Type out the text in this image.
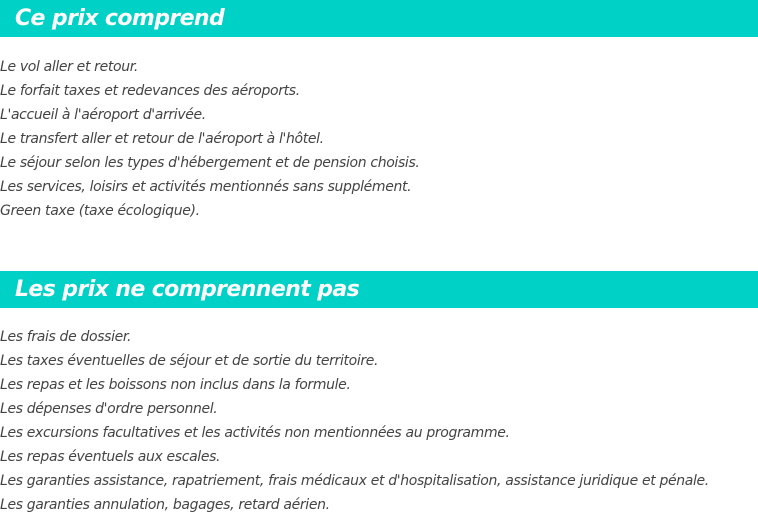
Ce prix comprend
Le vol aller et retour.
Le forfait taxes et redevances des aéroports.
L'accueil à l'aéroport d'arrivée.
Le transfert aller et retour de l'aéroport à l'hôtel.
Le séjour selon les types d'hébergement et de pension choisis.
Les services, loisirs et activités mentionnés sans supplément.
Green taxe (taxe écologique).
Les prix ne comprennent pas
Les frais de dossier.
Les taxes éventuelles de séjour et de sortie du territoire.
Les repas et les boissons non inclus dans la formule.
Les dépenses d'ordre personnel.
Les excursions facultatives et les activités non mentionnées au programme.
Les repas éventuels aux escales.
Les garanties assistance, rapatriement, frais médicaux et d'hospitalisation, assistance juridique et pénale.
Les garanties annulation, bagages, retard aérien.
